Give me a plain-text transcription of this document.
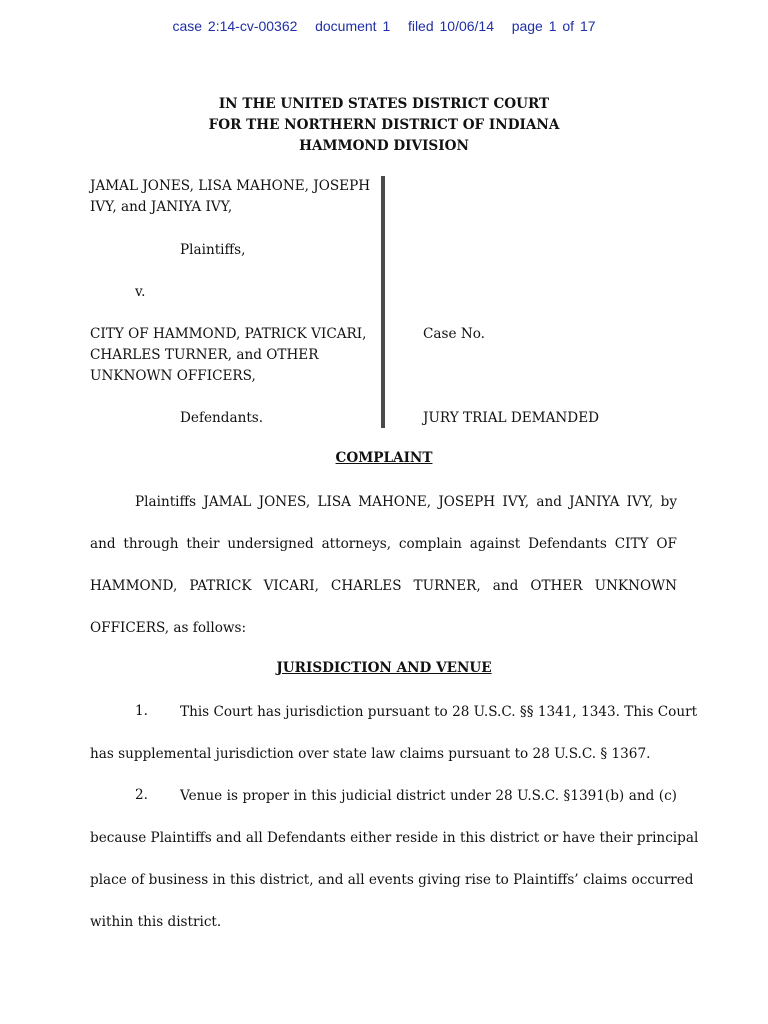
case 2:14-cv-00362 document 1 filed 10/06/14 page 1 of 17
IN THE UNITED STATES DISTRICT COURT
FOR THE NORTHERN DISTRICT OF INDIANA
HAMMOND DIVISION
JAMAL JONES, LISA MAHONE, JOSEPH
IVY, and JANIYA IVY,
Plaintiffs,
v.
CITY OF HAMMOND, PATRICK VICARI,
CHARLES TURNER, and OTHER
UNKNOWN OFFICERS,
Defendants.
Case No.
JURY TRIAL DEMANDED
COMPLAINT
Plaintiffs JAMAL JONES, LISA MAHONE, JOSEPH IVY, and JANIYA IVY, by
and through their undersigned attorneys, complain against Defendants CITY OF
HAMMOND, PATRICK VICARI, CHARLES TURNER, and OTHER UNKNOWN
OFFICERS, as follows:
JURISDICTION AND VENUE
1. This Court has jurisdiction pursuant to 28 U.S.C. §§ 1341, 1343. This Court
has supplemental jurisdiction over state law claims pursuant to 28 U.S.C. § 1367.
2. Venue is proper in this judicial district under 28 U.S.C. §1391(b) and (c)
because Plaintiffs and all Defendants either reside in this district or have their principal
place of business in this district, and all events giving rise to Plaintiffs’ claims occurred
within this district.
